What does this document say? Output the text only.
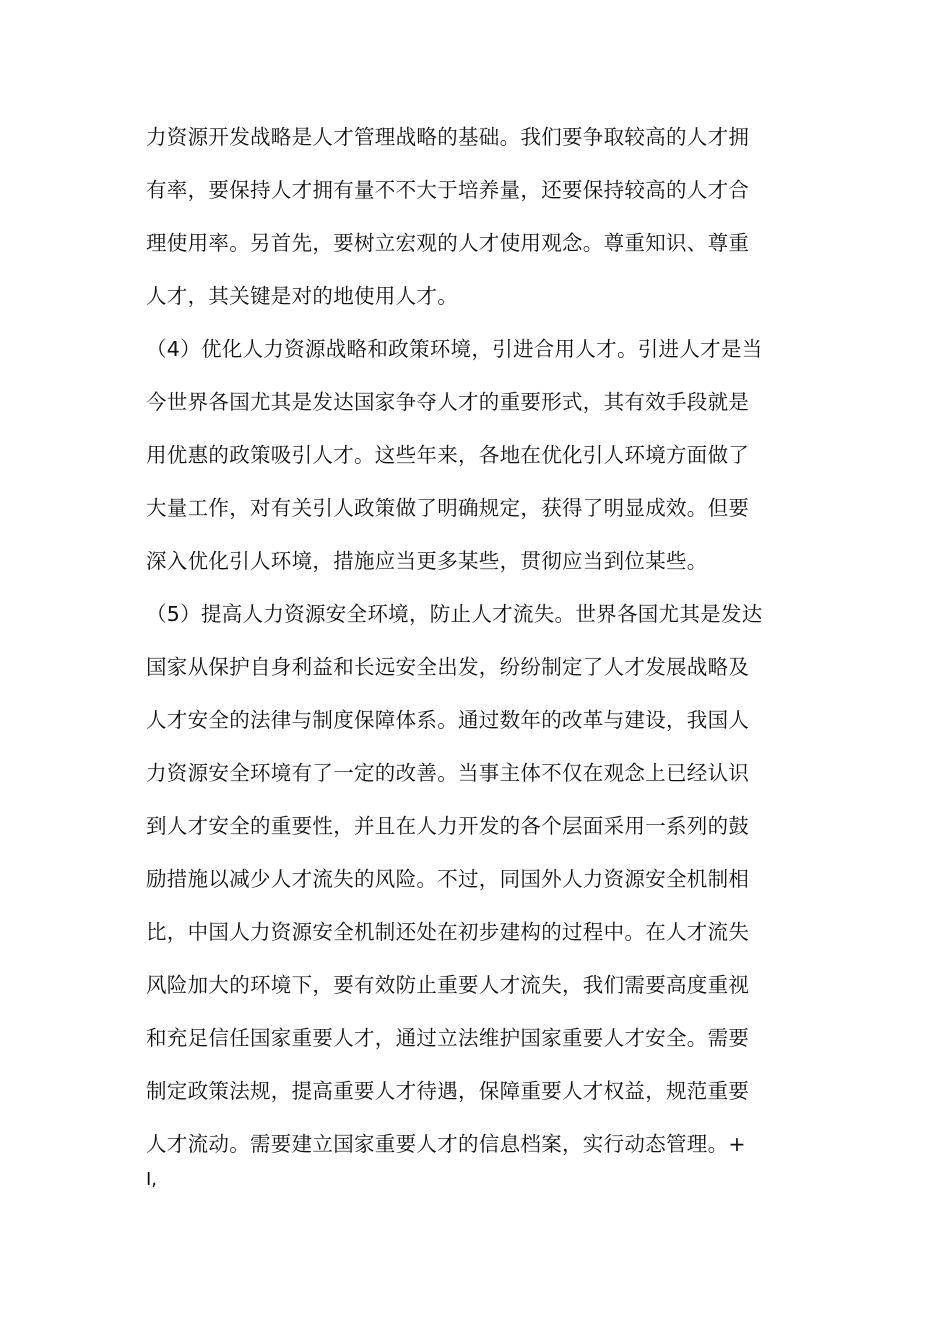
力资源开发战略是人才管理战略的基础。我们要争取较高的人才拥
有率，要保持人才拥有量不不大于培养量，还要保持较高的人才合
理使用率。另首先，要树立宏观的人才使用观念。尊重知识、尊重
人才，其关键是对的地使用人才。
（4）优化人力资源战略和政策环境，引进合用人才。引进人才是当
今世界各国尤其是发达国家争夺人才的重要形式，其有效手段就是
用优惠的政策吸引人才。这些年来，各地在优化引人环境方面做了
大量工作，对有关引人政策做了明确规定，获得了明显成效。但要
深入优化引人环境，措施应当更多某些，贯彻应当到位某些。
（5）提高人力资源安全环境，防止人才流失。世界各国尤其是发达
国家从保护自身利益和长远安全出发，纷纷制定了人才发展战略及
人才安全的法律与制度保障体系。通过数年的改革与建设，我国人
力资源安全环境有了一定的改善。当事主体不仅在观念上已经认识
到人才安全的重要性，并且在人力开发的各个层面采用一系列的鼓
励措施以减少人才流失的风险。不过，同国外人力资源安全机制相
比，中国人力资源安全机制还处在初步建构的过程中。在人才流失
风险加大的环境下，要有效防止重要人才流失，我们需要高度重视
和充足信任国家重要人才，通过立法维护国家重要人才安全。需要
制定政策法规，提高重要人才待遇，保障重要人才权益，规范重要
人才流动。需要建立国家重要人才的信息档案，实行动态管理。+
I,
